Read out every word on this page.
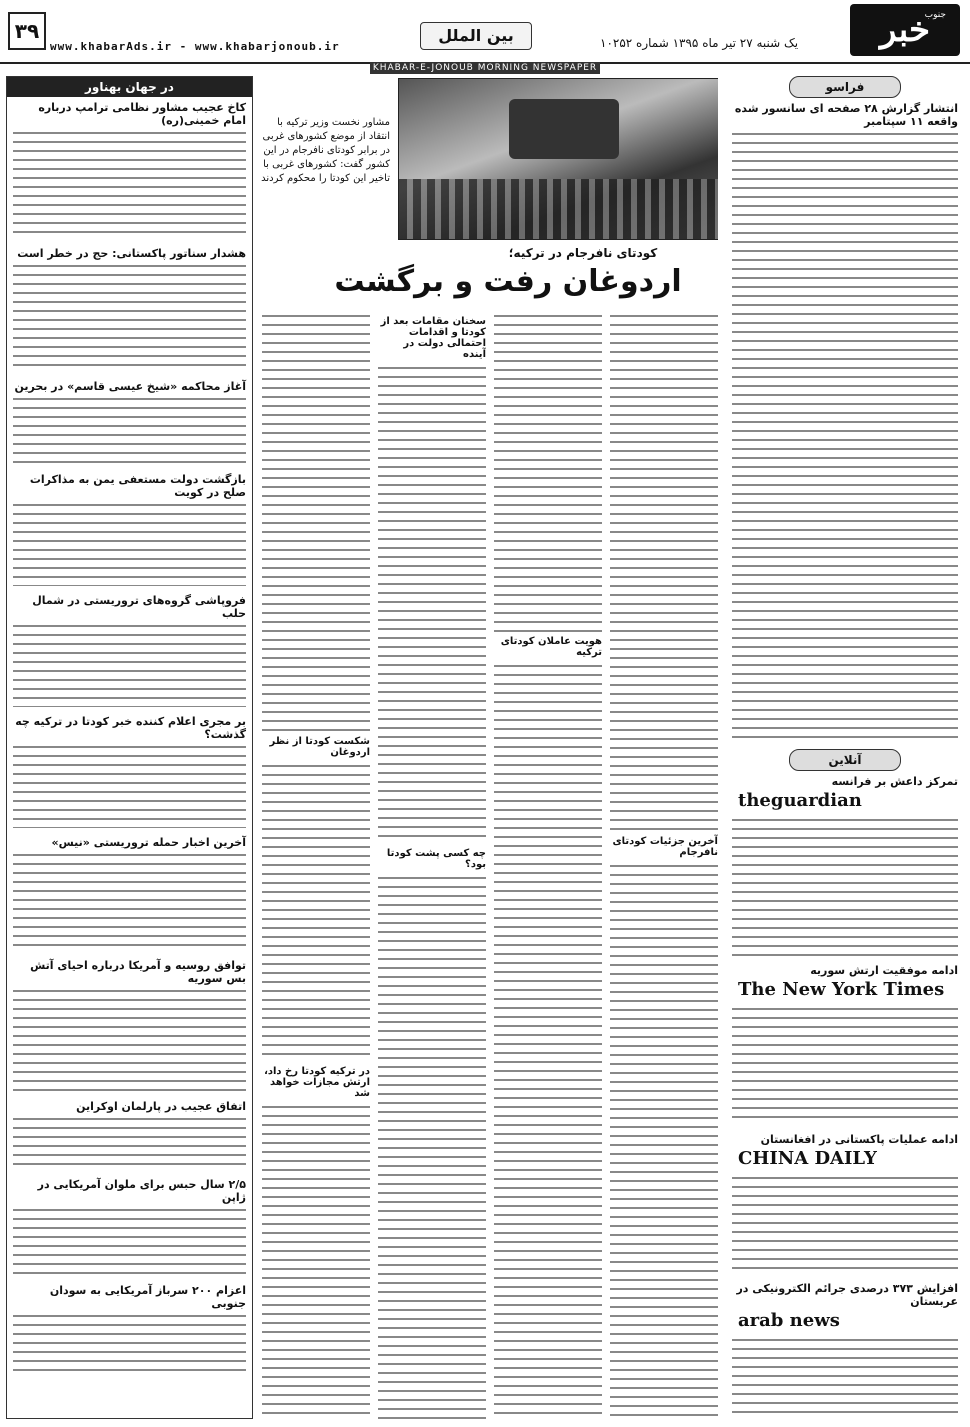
۳۹
www.khabarAds.ir - www.khabarjonoub.ir
بین الملل	یک شنبه ۲۷ تیر ماه ۱۳۹۵ شماره ۱۰۲۵۲	خبر
جنوب
KHABAR-E-JONOUB MORNING NEWSPAPER
در جهان بهناور
کاخ عجیب مشاور نظامی ترامپ درباره امام خمینی(ره)
هشدار سناتور پاکستانی: حج در خطر است
آغاز محاکمه «شیخ عیسی قاسم» در بحرین
بازگشت دولت مستعفی یمن به مذاکرات صلح در کویت
فروپاشی گروه‌های تروریستی در شمال حلب
بر مجری اعلام کننده خبر کودتا در ترکیه چه گذشت؟
آخرین اخبار حمله تروریستی «نیس»
توافق روسیه و آمریکا درباره احیای آتش بس سوریه
اتفاق عجیب در پارلمان اوکراین
۲/۵ سال حبس برای ملوان آمریکایی در ژاپن
اعزام ۲۰۰ سرباز آمریکایی به سودان جنوبی
مشاور نخست وزیر ترکیه با انتقاد از موضع کشورهای غربی در برابر کودتای نافرجام در این کشور گفت: کشورهای غربی با تاخیر این کودتا را محکوم کردند
کودتای نافرجام در ترکیه؛
اردوغان رفت و برگشت
آخرین جزئیات کودتای نافرجام
هویت عاملان کودتای ترکیه
سخنان مقامات بعد از کودتا و اقدامات احتمالی دولت در آینده
چه کسی پشت کودتا بود؟
شکست کودتا از نظر اردوغان
در ترکیه کودتا رخ داد، ارتش مجازات خواهد شد
فراسو
انتشار گزارش ۲۸ صفحه ای سانسور شده واقعه ۱۱ سپتامبر
آنلاین
تمرکز داعش بر فرانسه
theguardian
ادامه موفقیت ارتش سوریه
The New York Times
ادامه عملیات پاکستانی در افغانستان
CHINA DAILY
افزایش ۳۷۳ درصدی جرائم الکترونیکی در عربستان
arab news
